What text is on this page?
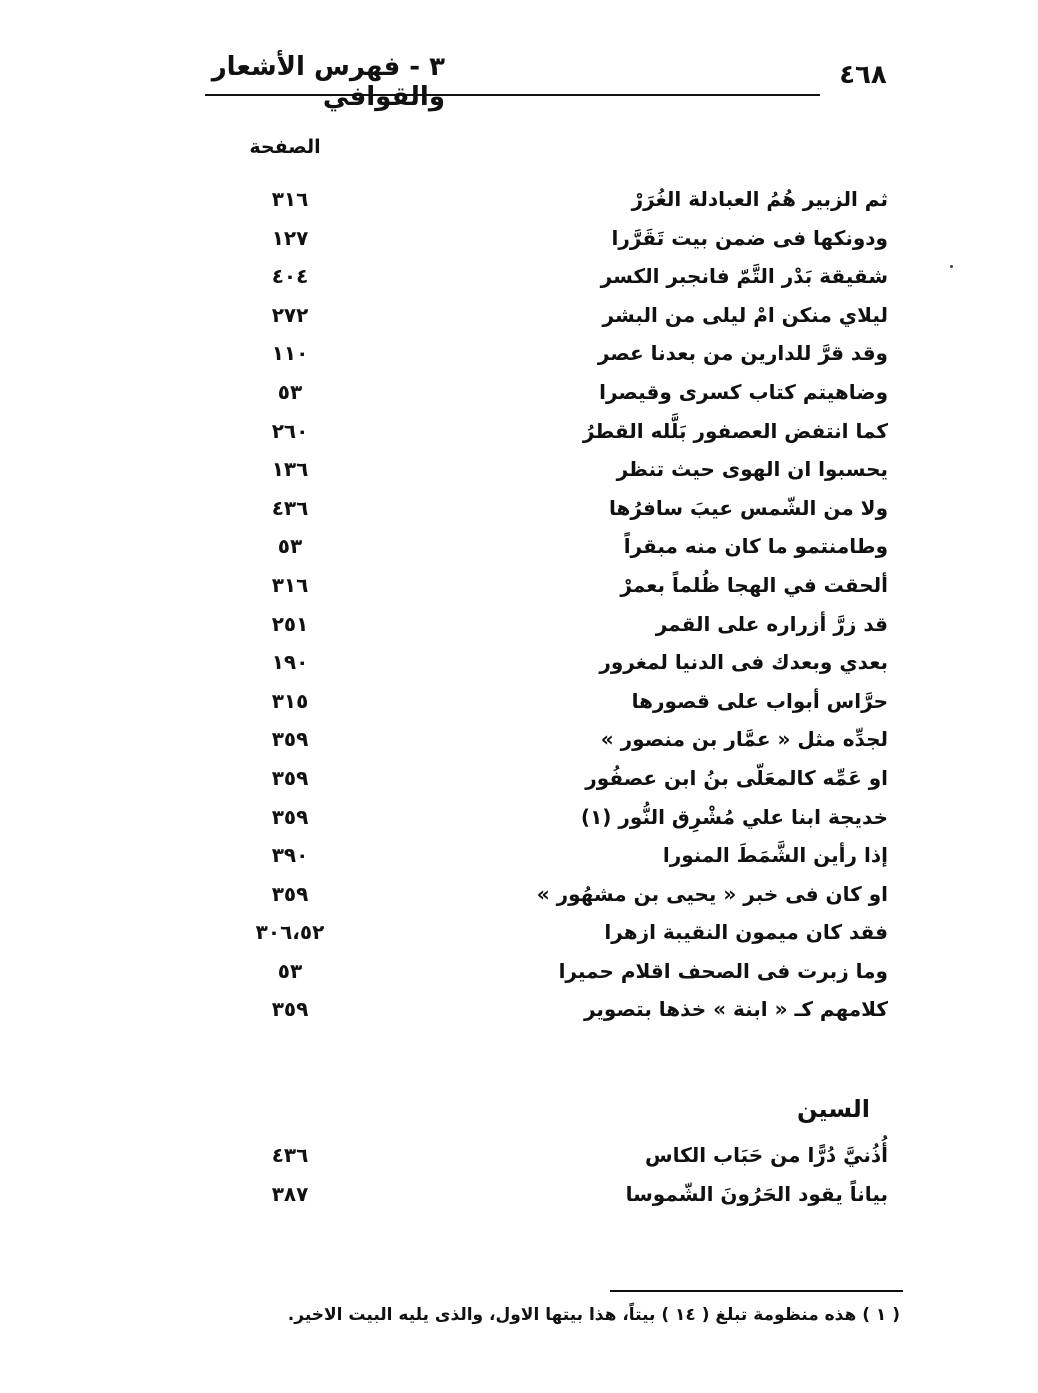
٣ - فهرس الأشعار والقوافي
٤٦٨
الصفحة
ثم الزبير هُمُ العبادلة الغُرَرْ
٣١٦
ودونكها فى ضمن بيت تَقَرَّرا
١٢٧
شقيقة بَدْر التَّمّ فانجبر الكسر
٤٠٤
ليلاي منكن امْ ليلى من البشر
٢٧٢
وقد قرَّ للدارين من بعدنا عصر
١١٠
وضاهيتم كتاب كسرى وقيصرا
٥٣
كما انتفض العصفور بَلَّله القطرُ
٢٦٠
يحسبوا ان الهوى حيث تنظر
١٣٦
ولا من الشّمس عيبَ سافرُها
٤٣٦
وطامنتمو ما كان منه مبقراً
٥٣
ألحقت في الهجا ظُلماً بعمرْ
٣١٦
قد زرَّ أزراره على القمر
٢٥١
بعدي وبعدك فى الدنيا لمغرور
١٩٠
حرَّاس أبواب على قصورها
٣١٥
لجدِّه مثل « عمَّار بن منصور »
٣٥٩
او عَمِّه كالمعَلّى بنُ ابن عصفُور
٣٥٩
خديجة ابنا علي مُشْرِق النُّور (١)
٣٥٩
إذا رأين الشَّمَطَ المنورا
٣٩٠
او كان فى خبر « يحيى بن مشهُور »
٣٥٩
فقد كان ميمون النقيبة ازهرا
٣٠٦،٥٢
وما زبرت فى الصحف اقلام حميرا
٥٣
كلامهم كـ « ابنة » خذها بتصوير
٣٥٩
السين
أُذُنيَّ دُرًّا من حَبَاب الكاس
٤٣٦
بياناً يقود الحَرُونَ الشّموسا
٣٨٧
( ١ ) هذه منظومة تبلغ ( ١٤ ) بيتاً، هذا بيتها الاول، والذى يليه البيت الاخير.
